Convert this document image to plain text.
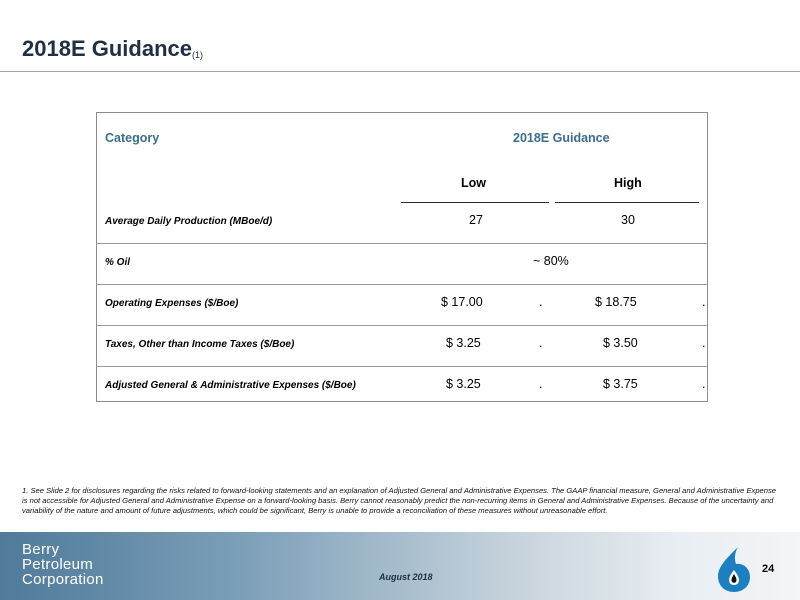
2018E Guidance$_{(1)}$
Category	2018E Guidance
Low	High
Average Daily Production (MBoe/d)	27	30
% Oil	~ 80%
Operating Expenses ($/Boe)	$ 17.00	.	$ 18.75	.
Taxes, Other than Income Taxes ($/Boe)	$ 3.25	.	$ 3.50	.
Adjusted General & Administrative Expenses ($/Boe)	$ 3.25	.	$ 3.75	.
1. See Slide 2 for disclosures regarding the risks related to forward-looking statements and an explanation of Adjusted General and Administrative Expenses. The GAAP financial measure, General and Administrative Expense is not accessible for Adjusted General and Administrative Expense on a forward-looking basis. Berry cannot reasonably predict the non-recurring items in General and Administrative Expenses. Because of the uncertainty and variability of the nature and amount of future adjustments, which could be significant, Berry is unable to provide a reconciliation of these measures without unreasonable effort.
Berry
Petroleum
Corporation	August 2018
24
